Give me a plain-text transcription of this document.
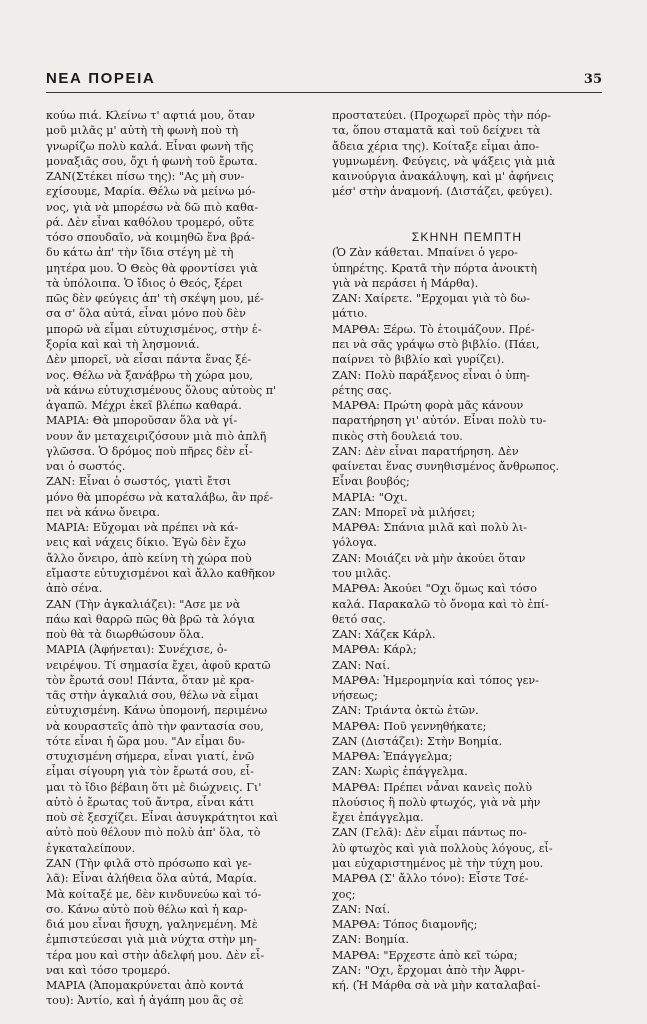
ΝΕΑ ΠΟΡΕΙΑ	35
κούω πιά. Κλείνω τ' αφτιά μου, ὅταν
μοῦ μιλᾶς μ' αὐτὴ τὴ φωνὴ ποὺ τὴ
γνωρίζω πολὺ καλά. Εἶναι φωνὴ τῆς
μοναξιᾶς σου, ὄχι ἡ φωνὴ τοῦ ἔρωτα.
ΖΑΝ(Στέκει πίσω της): "Ας μὴ συν-
εχίσουμε, Μαρία. Θέλω νὰ μείνω μό-
νος, γιὰ νὰ μπορέσω νὰ δῶ πιὸ καθα-
ρά. Δὲν εἶναι καθόλου τρομερό, οὔτε
τόσο σπουδαῖο, νὰ κοιμηθῶ ἕνα βρά-
δυ κάτω ἀπ' τὴν ἴδια στέγη μὲ τὴ
μητέρα μου. Ὁ Θεὸς θὰ φροντίσει γιὰ
τὰ ὑπόλοιπα. Ὁ ἴδιος ὁ Θεός, ξέρει
πῶς δὲν φεύγεις ἀπ' τὴ σκέψη μου, μέ-
σα σ' ὅλα αὐτά, εἶναι μόνο ποὺ δὲν
μπορῶ νὰ εἶμαι εὐτυχισμένος, στὴν ἐ-
ξορία καὶ καὶ τὴ λησμονιά.
Δὲν μπορεῖ, νὰ εἶσαι πάντα ἕνας ξέ-
νος. Θέλω νὰ ξανάβρω τὴ χώρα μου,
νὰ κάνω εὐτυχισμένους ὅλους αὐτοὺς π'
ἀγαπῶ. Μέχρι ἐκεῖ βλέπω καθαρά.
ΜΑΡΙΑ: Θὰ μποροῦσαν ὅλα νὰ γί-
νουν ἄν μεταχειριζόσουν μιὰ πιὸ ἁπλῆ
γλῶσσα. Ὁ δρόμος ποὺ πῆρες δὲν εἶ-
ναι ὁ σωστός.
ΖΑΝ: Εἶναι ὁ σωστός, γιατὶ ἔτσι
μόνο θὰ μπορέσω νὰ καταλάβω, ἂν πρέ-
πει νὰ κάνω ὄνειρα.
ΜΑΡΙΑ: Εὔχομαι νὰ πρέπει νὰ κά-
νεις καὶ νάχεις δίκιο. Ἐγὼ δὲν ἔχω
ἄλλο ὄνειρο, ἀπὸ κείνη τὴ χώρα ποὺ
εἴμαστε εὐτυχισμένοι καὶ ἄλλο καθῆκον
ἀπὸ σένα.
ΖΑΝ (Τὴν ἀγκαλιάζει): "Ασε με νὰ
πάω καὶ θαρρῶ πῶς θὰ βρῶ τὰ λόγια
ποὺ θὰ τὰ διωρθώσουν ὅλα.
ΜΑΡΙΑ (Ἀφήνεται): Συνέχισε, ὀ-
νειρέψου. Τί σημασία ἔχει, ἀφοῦ κρατῶ
τὸν ἔρωτά σου! Πάντα, ὅταν μὲ κρα-
τᾶς στὴν ἀγκαλιά σου, θέλω νὰ εἶμαι
εὐτυχισμένη. Κάνω ὑπομονή, περιμένω
νὰ κουραστεῖς ἀπὸ τὴν φαντασία σου,
τότε εἶναι ἡ ὥρα μου. "Αν εἶμαι δυ-
στυχισμένη σήμερα, εἶναι γιατί, ἐνῶ
εἶμαι σίγουρη γιὰ τὸν ἔρωτά σου, εἶ-
μαι τὸ ἴδιο βέβαιη ὅτι μὲ διώχνεις. Γι'
αὐτὸ ὁ ἔρωτας τοῦ ἄντρα, εἶναι κάτι
ποὺ σὲ ξεσχίζει. Εἶναι ἀσυγκράτητοι καὶ
αὐτὸ ποὺ θέλουν πιὸ πολὺ ἀπ' ὅλα, τὸ
ἐγκαταλείπουν.
ΖΑΝ (Τὴν φιλᾶ στὸ πρόσωπο καὶ γε-
λᾶ): Εἶναι ἀλήθεια ὅλα αὐτά, Μαρία.
Μὰ κοίταξέ με, δὲν κινδυνεύω καὶ τό-
σο. Κάνω αὐτὸ ποὺ θέλω καὶ ἡ καρ-
διά μου εἶναι ἥσυχη, γαληνεμένη. Μὲ
ἐμπιστεύεσαι γιὰ μιὰ νύχτα στὴν μη-
τέρα μου καὶ στὴν ἀδελφή μου. Δὲν εἶ-
ναι καὶ τόσο τρομερό.
ΜΑΡΙΑ (Ἀπομακρύνεται ἀπὸ κοντά
του): Ἀντίο, καὶ ἡ ἀγάπη μου ἂς σὲ
προστατεύει. (Προχωρεῖ πρὸς τὴν πόρ-
τα, ὅπου σταματᾶ καὶ τοῦ δείχνει τὰ
ἄδεια χέρια της). Κοίταξε εἶμαι ἀπο-
γυμνωμένη. Φεύγεις, νὰ ψάξεις γιὰ μιὰ
καινούργια ἀνακάλυψη, καὶ μ' ἀφήνεις
μέσ' στὴν ἀναμονή. (Διστάζει, φεύγει).
ΣΚΗΝΗ ΠΕΜΠΤΗ
(Ὁ Ζὰν κάθεται. Μπαίνει ὁ γερο-
ὑπηρέτης. Κρατᾶ τὴν πόρτα ἀνοικτὴ
γιὰ νὰ περάσει ἡ Μάρθα).
ΖΑΝ: Χαίρετε. "Ερχομαι γιὰ τὸ δω-
μάτιο.
ΜΑΡΘΑ: Ξέρω. Τὸ ἑτοιμάζουν. Πρέ-
πει νὰ σᾶς γράψω στὸ βιβλίο. (Πάει,
παίρνει τὸ βιβλίο καὶ γυρίζει).
ΖΑΝ: Πολὺ παράξενος εἶναι ὁ ὑπη-
ρέτης σας.
ΜΑΡΘΑ: Πρώτη φορὰ μᾶς κάνουν
παρατήρηση γι' αὐτόν. Εἶναι πολὺ τυ-
πικὸς στὴ δουλειά του.
ΖΑΝ: Δὲν εἶναι παρατήρηση. Δὲν
φαίνεται ἕνας συνηθισμένος ἄνθρωπος.
Εἶναι βουβός;
ΜΑΡΙΑ: "Οχι.
ΖΑΝ: Μπορεῖ νὰ μιλήσει;
ΜΑΡΘΑ: Σπάνια μιλᾶ καὶ πολὺ λι-
γόλογα.
ΖΑΝ: Μοιάζει νὰ μὴν ἀκούει ὅταν
του μιλᾶς.
ΜΑΡΘΑ: Ἀκούει "Οχι ὅμως καὶ τόσο
καλά. Παρακαλῶ τὸ ὄνομα καὶ τὸ ἐπί-
θετό σας.
ΖΑΝ: Χάζεκ Κάρλ.
ΜΑΡΘΑ: Κάρλ;
ΖΑΝ: Ναί.
ΜΑΡΘΑ: Ἡμερομηνία καὶ τόπος γεν-
νήσεως;
ΖΑΝ: Τριάντα ὀκτὼ ἐτῶν.
ΜΑΡΘΑ: Ποῦ γεννηθήκατε;
ΖΑΝ (Διστάζει): Στὴν Βοημία.
ΜΑΡΘΑ: Ἐπάγγελμα;
ΖΑΝ: Χωρὶς ἐπάγγελμα.
ΜΑΡΘΑ: Πρέπει νἆναι κανεὶς πολὺ
πλούσιος ἢ πολὺ φτωχός, γιὰ νὰ μὴν
ἔχει ἐπάγγελμα.
ΖΑΝ (Γελᾶ): Δὲν εἶμαι πάντως πο-
λὺ φτωχὸς καὶ γιὰ πολλοὺς λόγους, εἶ-
μαι εὐχαριστημένος μὲ τὴν τύχη μου.
ΜΑΡΘΑ (Σ' ἄλλο τόνο): Εἶστε Τσέ-
χος;
ΖΑΝ: Ναί.
ΜΑΡΘΑ: Τόπος διαμονῆς;
ΖΑΝ: Βοημία.
ΜΑΡΘΑ: "Ερχεστε ἀπὸ κεῖ τώρα;
ΖΑΝ: "Οχι, ἔρχομαι ἀπὸ τὴν Ἀφρι-
κή. (Ἡ Μάρθα σὰ νὰ μὴν καταλαβαί-
